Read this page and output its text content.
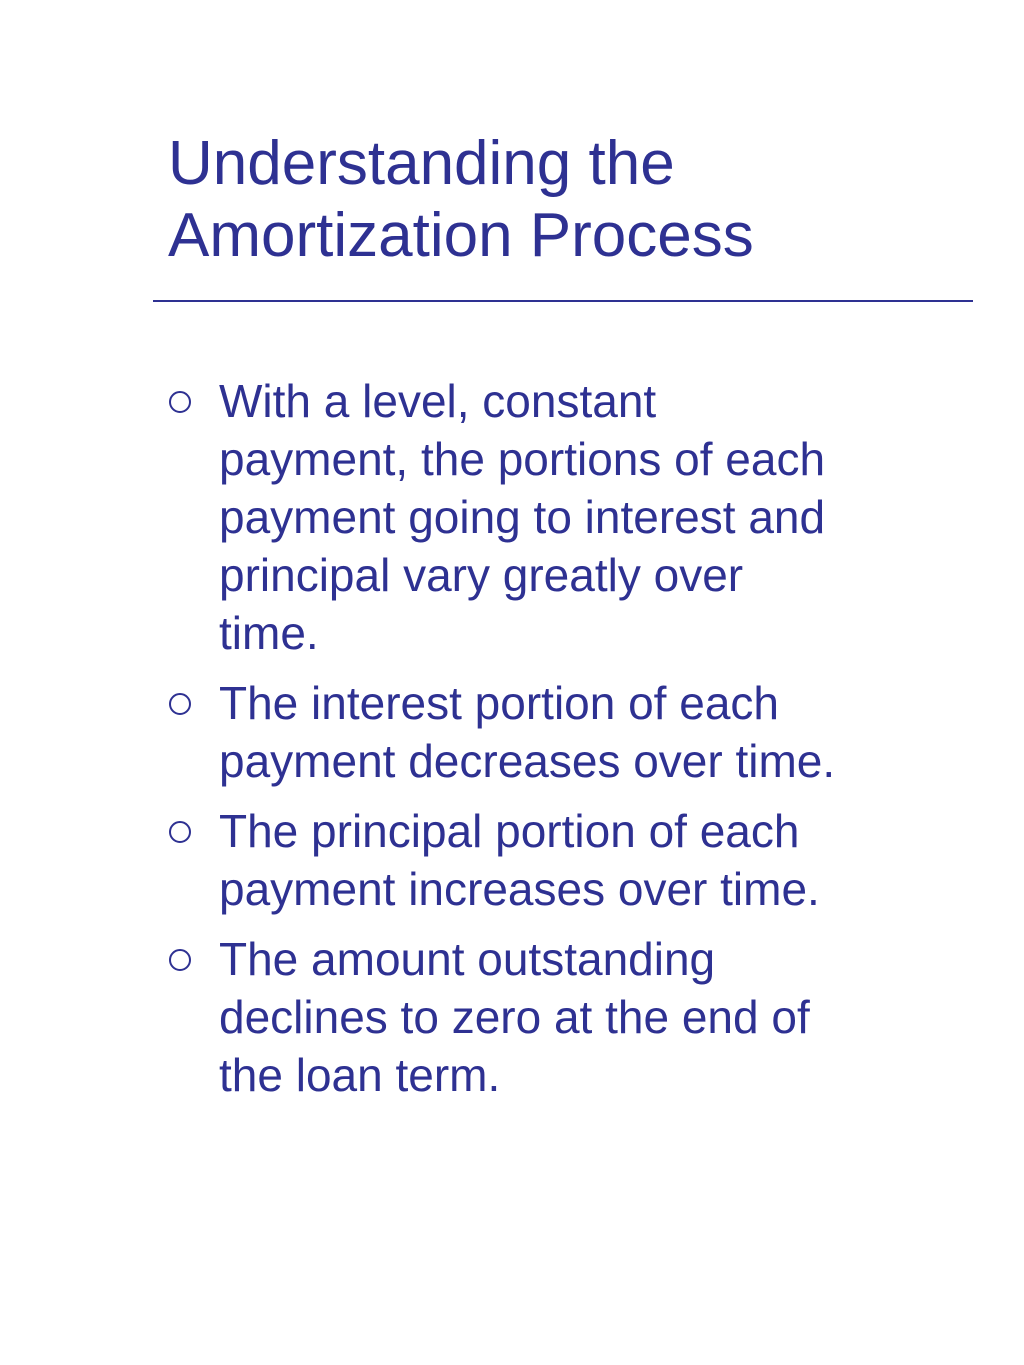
Understanding the
Amortization Process
With a level, constant
payment, the portions of each
payment going to interest and
principal vary greatly over
time.
The interest portion of each
payment decreases over time.
The principal portion of each
payment increases over time.
The amount outstanding
declines to zero at the end of
the loan term.
